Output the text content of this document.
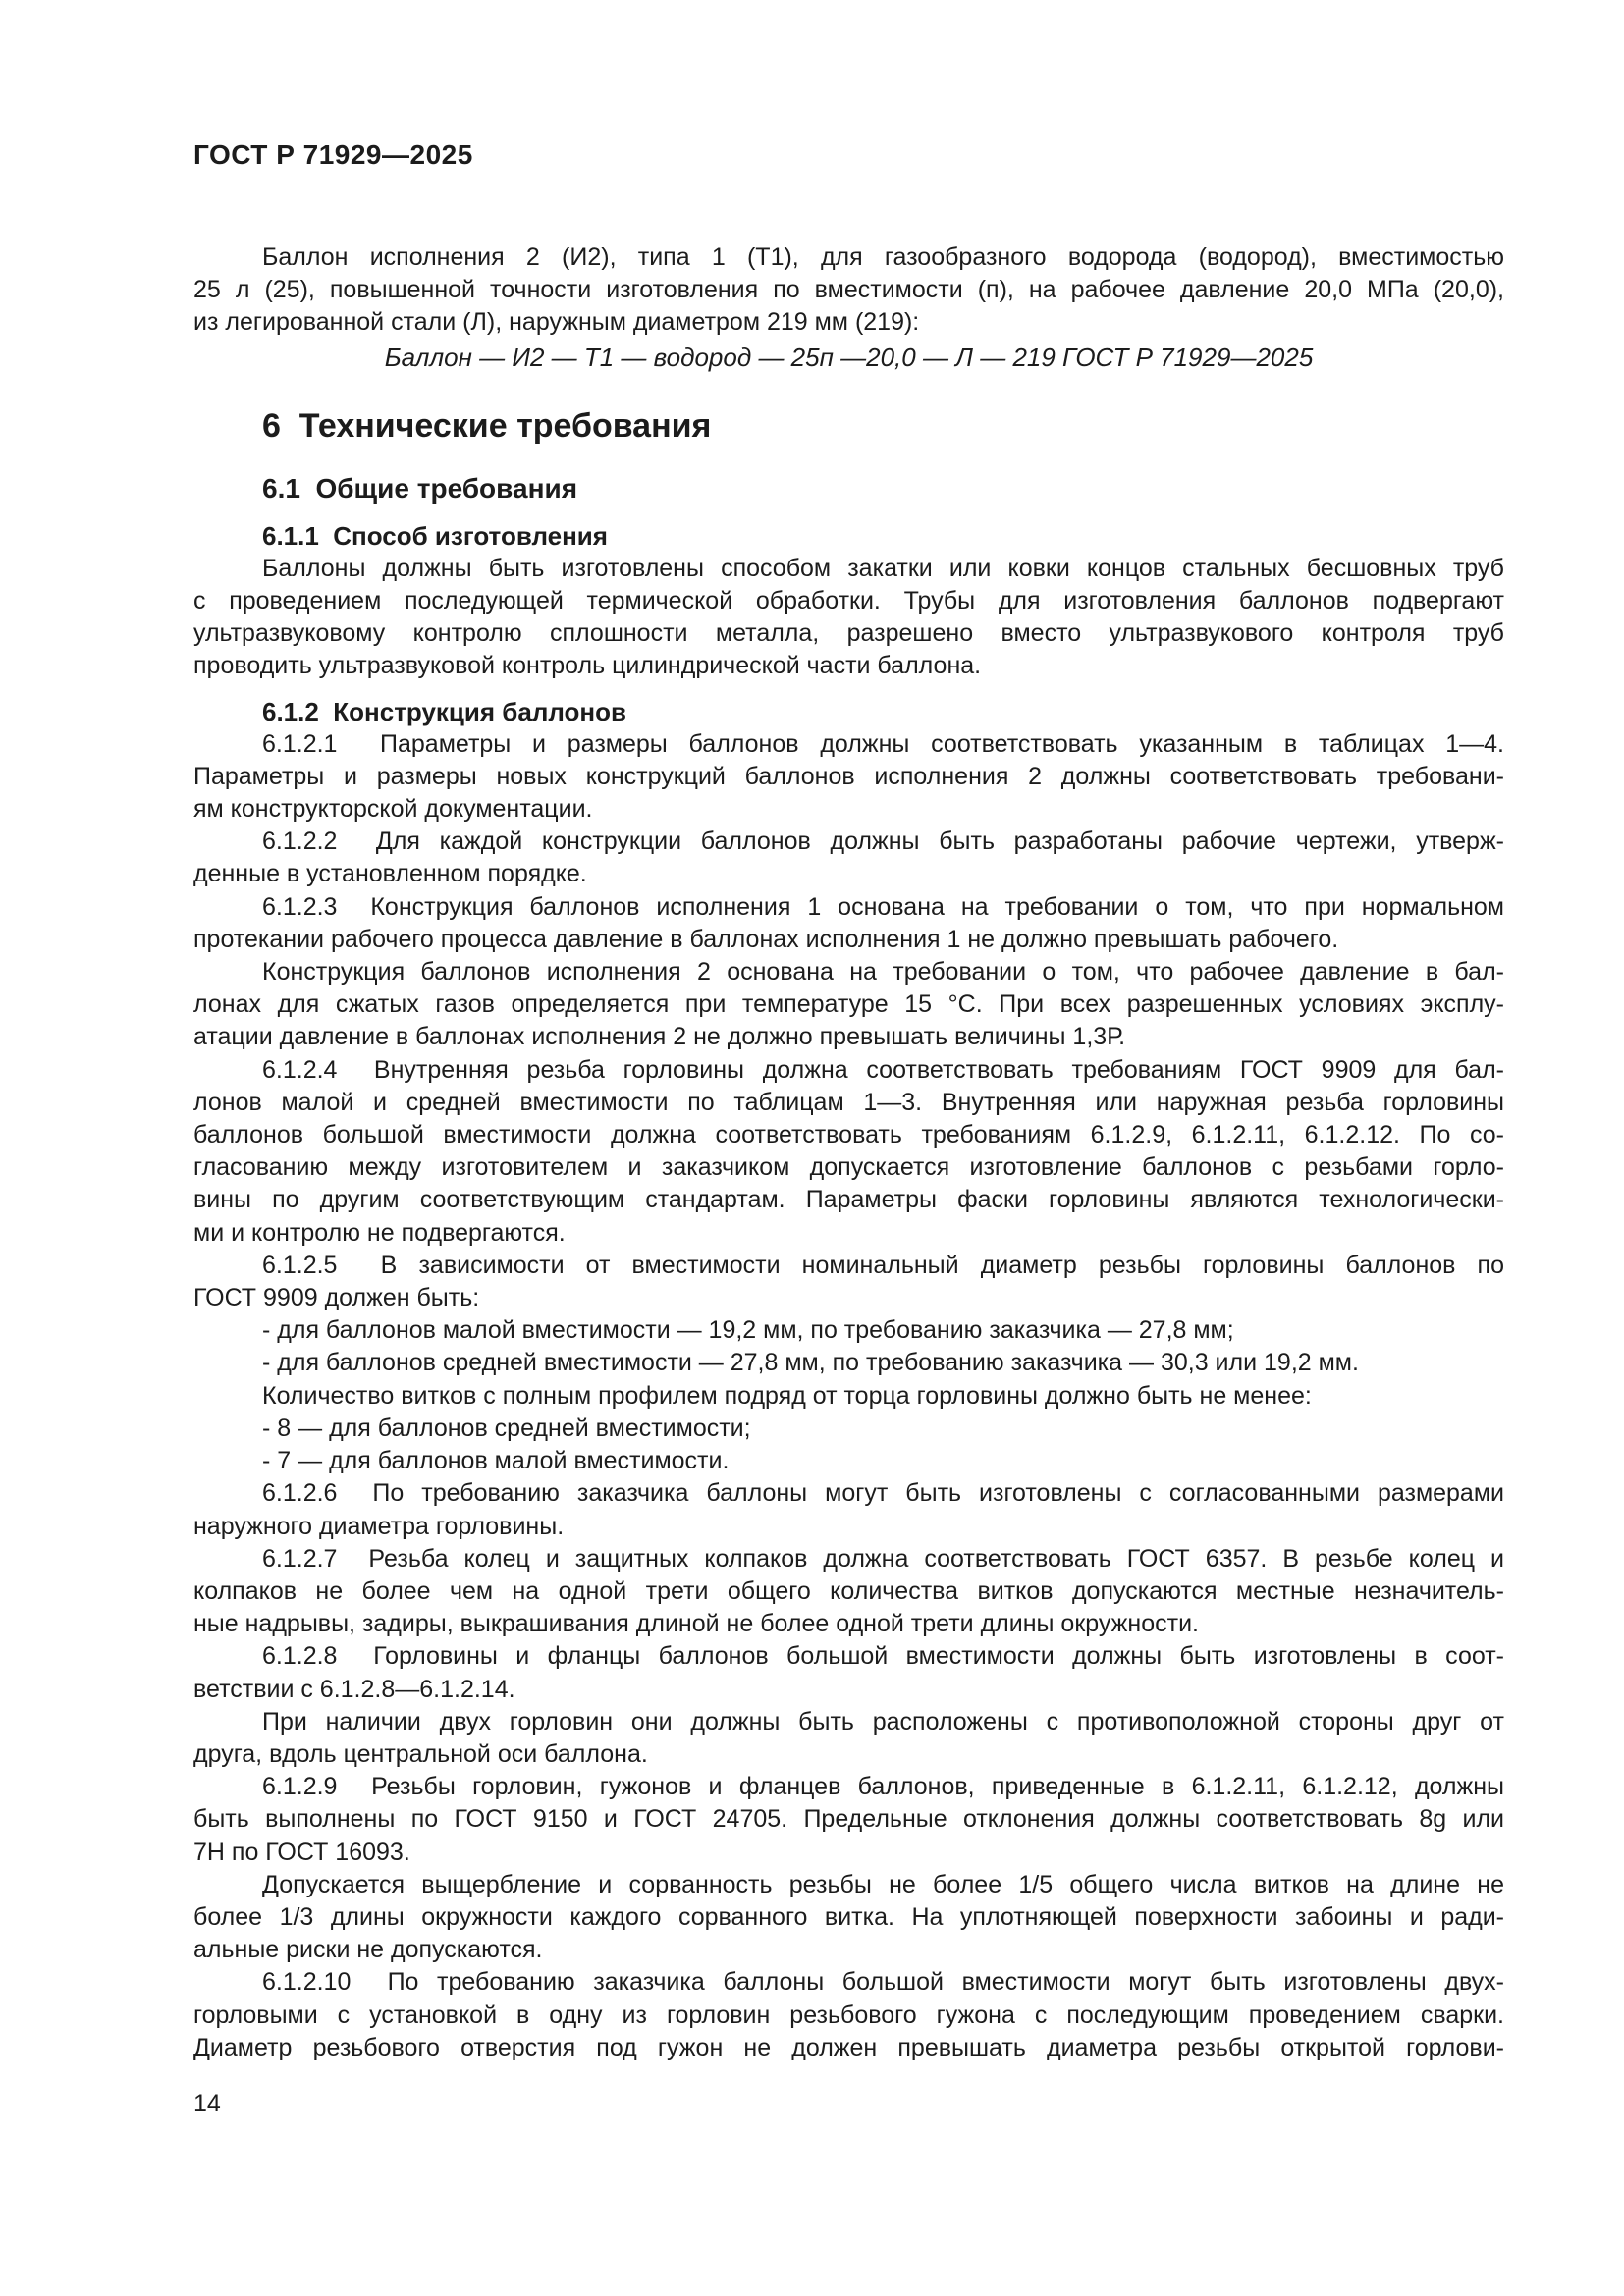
ГОСТ Р 71929—2025
Баллон исполнения 2 (И2), типа 1 (Т1), для газообразного водорода (водород), вместимостью
25 л (25), повышенной точности изготовления по вместимости (п), на рабочее давление 20,0 МПа (20,0),
из легированной стали (Л), наружным диаметром 219 мм (219):
Баллон — И2 — Т1 — водород — 25п —20,0 — Л — 219 ГОСТ Р 71929—2025
6  Технические требования
6.1  Общие требования
6.1.1  Способ изготовления
Баллоны должны быть изготовлены способом закатки или ковки концов стальных бесшовных труб
с проведением последующей термической обработки. Трубы для изготовления баллонов подвергают
ультразвуковому контролю сплошности металла, разрешено вместо ультразвукового контроля труб
проводить ультразвуковой контроль цилиндрической части баллона.
6.1.2  Конструкция баллонов
6.1.2.1  Параметры и размеры баллонов должны соответствовать указанным в таблицах 1—4.
Параметры и размеры новых конструкций баллонов исполнения 2 должны соответствовать требовани-
ям конструкторской документации.
6.1.2.2  Для каждой конструкции баллонов должны быть разработаны рабочие чертежи, утверж-
денные в установленном порядке.
6.1.2.3  Конструкция баллонов исполнения 1 основана на требовании о том, что при нормальном
протекании рабочего процесса давление в баллонах исполнения 1 не должно превышать рабочего.
Конструкция баллонов исполнения 2 основана на требовании о том, что рабочее давление в бал-
лонах для сжатых газов определяется при температуре 15 °С. При всех разрешенных условиях эксплу-
атации давление в баллонах исполнения 2 не должно превышать величины 1,3Р.
6.1.2.4  Внутренняя резьба горловины должна соответствовать требованиям ГОСТ 9909 для бал-
лонов малой и средней вместимости по таблицам 1—3. Внутренняя или наружная резьба горловины
баллонов большой вместимости должна соответствовать требованиям 6.1.2.9, 6.1.2.11, 6.1.2.12. По со-
гласованию между изготовителем и заказчиком допускается изготовление баллонов с резьбами горло-
вины по другим соответствующим стандартам. Параметры фаски горловины являются технологически-
ми и контролю не подвергаются.
6.1.2.5  В зависимости от вместимости номинальный диаметр резьбы горловины баллонов по
ГОСТ 9909 должен быть:
- для баллонов малой вместимости — 19,2 мм, по требованию заказчика — 27,8 мм;
- для баллонов средней вместимости — 27,8 мм, по требованию заказчика — 30,3 или 19,2 мм.
Количество витков с полным профилем подряд от торца горловины должно быть не менее:
- 8 — для баллонов средней вместимости;
- 7 — для баллонов малой вместимости.
6.1.2.6  По требованию заказчика баллоны могут быть изготовлены с согласованными размерами
наружного диаметра горловины.
6.1.2.7  Резьба колец и защитных колпаков должна соответствовать ГОСТ 6357. В резьбе колец и
колпаков не более чем на одной трети общего количества витков допускаются местные незначитель-
ные надрывы, задиры, выкрашивания длиной не более одной трети длины окружности.
6.1.2.8  Горловины и фланцы баллонов большой вместимости должны быть изготовлены в соот-
ветствии с 6.1.2.8—6.1.2.14.
При наличии двух горловин они должны быть расположены с противоположной стороны друг от
друга, вдоль центральной оси баллона.
6.1.2.9  Резьбы горловин, гужонов и фланцев баллонов, приведенные в 6.1.2.11, 6.1.2.12, должны
быть выполнены по ГОСТ 9150 и ГОСТ 24705. Предельные отклонения должны соответствовать 8g или
7Н по ГОСТ 16093.
Допускается выщербление и сорванность резьбы не более 1/5 общего числа витков на длине не
более 1/3 длины окружности каждого сорванного витка. На уплотняющей поверхности забоины и ради-
альные риски не допускаются.
6.1.2.10  По требованию заказчика баллоны большой вместимости могут быть изготовлены двух-
горловыми с установкой в одну из горловин резьбового гужона с последующим проведением сварки.
Диаметр резьбового отверстия под гужон не должен превышать диаметра резьбы открытой горлови-
14
